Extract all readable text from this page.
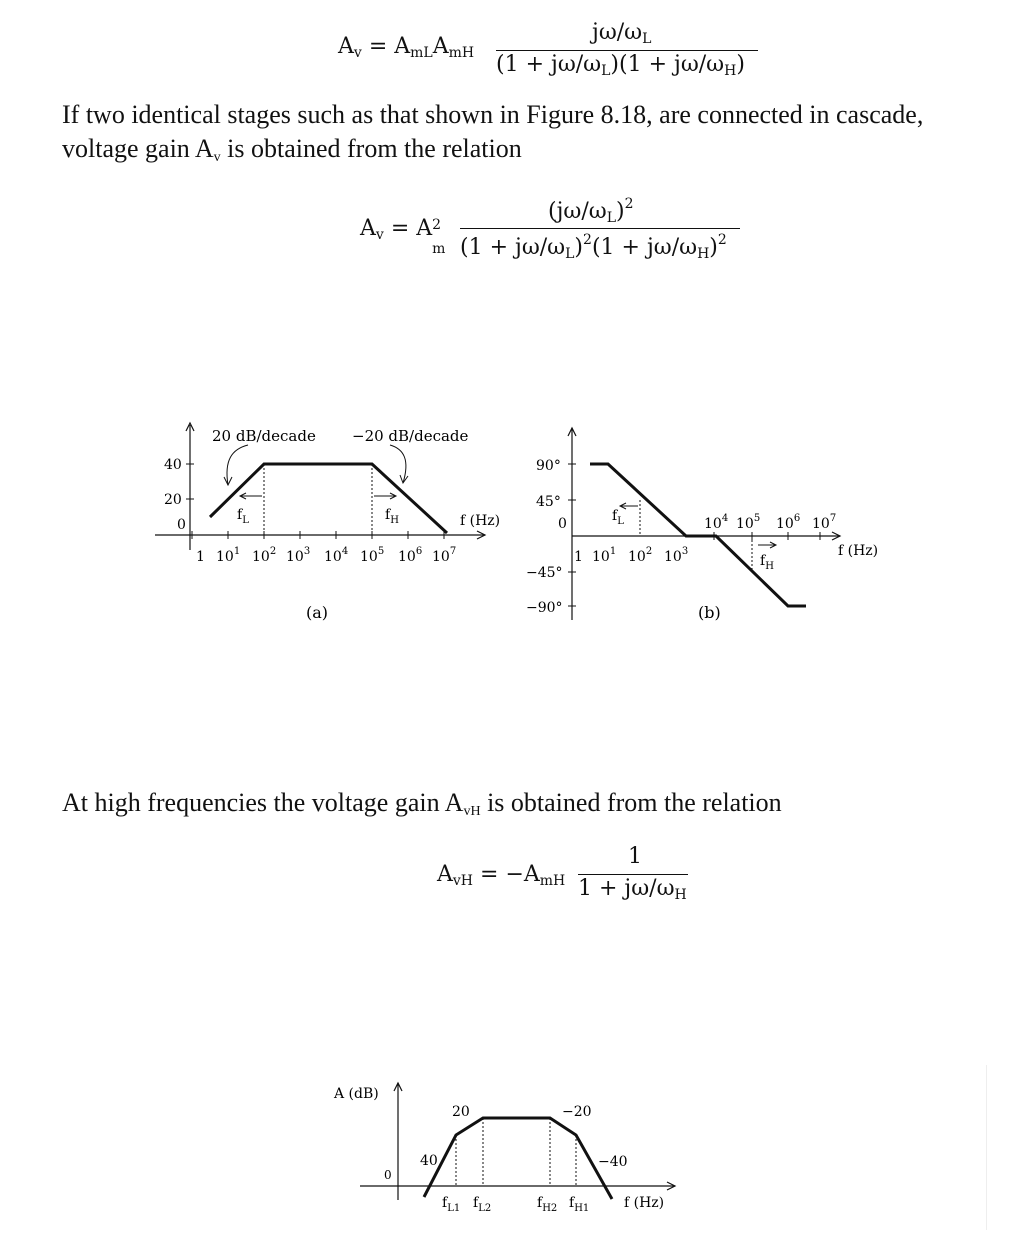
$A_v = A_{mL}A_{mH}$
$j\omega/\omega_L$
$(1 + j\omega/\omega_L)(1 + j\omega/\omega_H)$
If two identical stages such as that shown in Figure 8.18, are connected in cascade, voltage gain $A_v$ is obtained from the relation
$A_v = A$ 2
m
$(j\omega/\omega_L)^2$
$(1 + j\omega/\omega_L)^2(1 + j\omega/\omega_H)^2$
40
20
0
$f_L$	$f_H$	f (Hz)
20 dB/decade −20 dB/decade
1 $10^1$ $10^2$ $10^3$ $10^4$ $10^5$ $10^6$ $10^7$
(a)
90°
45°
0
−45°
−90°
$f_L$
$f_H$
1 $10^1$ $10^2$ $10^3$
$10^4$ $10^5$ $10^6$ $10^7$
f (Hz)
(b)
At high frequencies the voltage gain $A_{vH}$ is obtained from the relation
$A_{vH} = -A_{mH}$
1
$1 + j\omega/\omega_H$
A (dB)
0
20	−20
40	−40
$f_{L1}$ $f_{L2}$	$f_{H2}$ $f_{H1}$ f (Hz)
